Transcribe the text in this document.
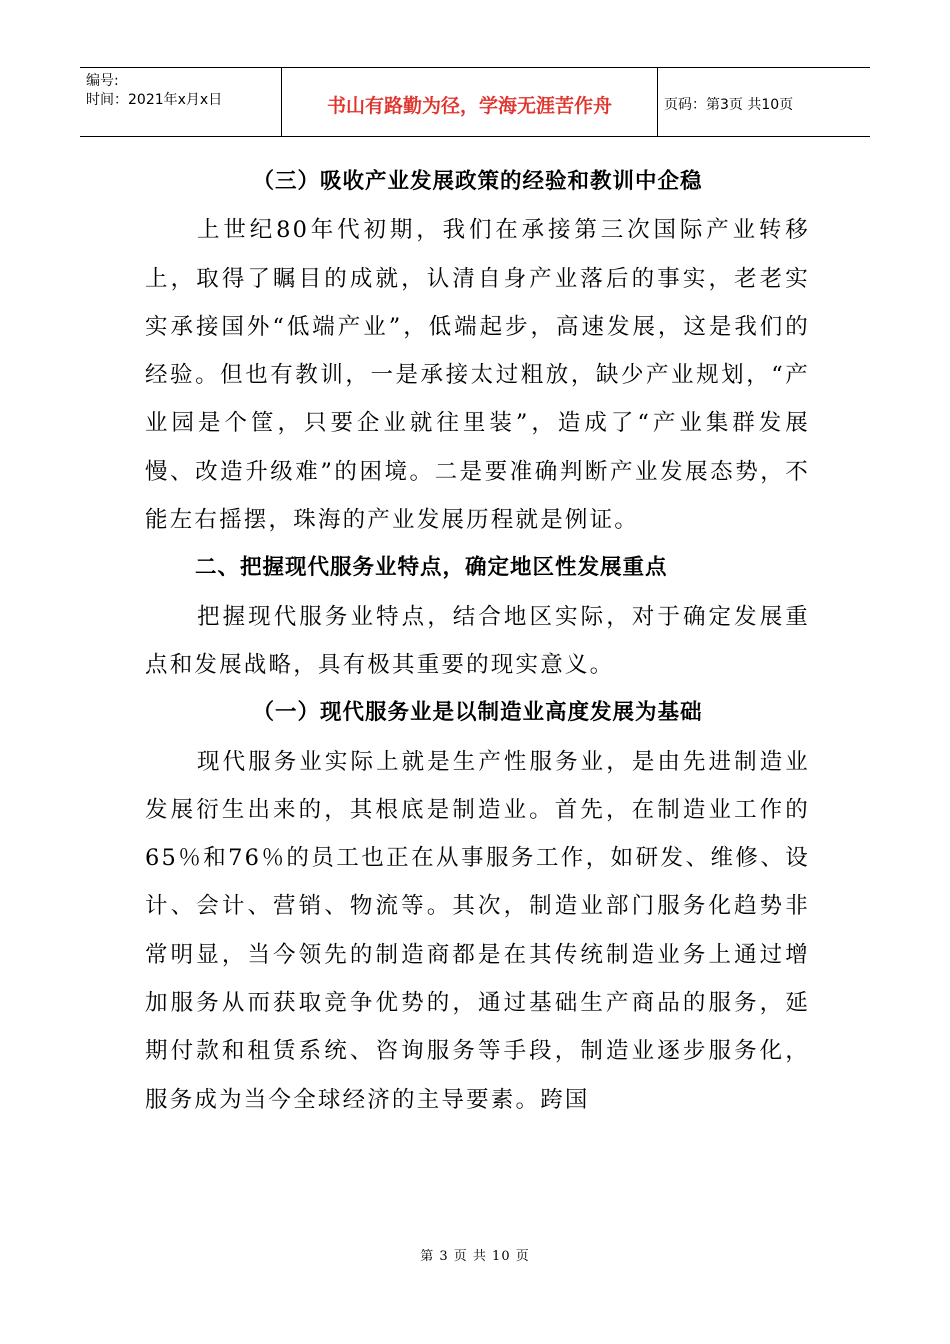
编号:
时间：2021年x月x日	书山有路勤为径，学海无涯苦作舟	页码：第3页 共10页

（三）吸收产业发展政策的经验和教训中企稳

上世纪80年代初期，我们在承接第三次国际产业转移上，取得了瞩目的成就，认清自身产业落后的事实，老老实实承接国外“低端产业”，低端起步，高速发展，这是我们的经验。但也有教训，一是承接太过粗放，缺少产业规划，“产业园是个筐，只要企业就往里装”，造成了“产业集群发展慢、改造升级难”的困境。二是要准确判断产业发展态势，不能左右摇摆，珠海的产业发展历程就是例证。

二、把握现代服务业特点，确定地区性发展重点

把握现代服务业特点，结合地区实际，对于确定发展重点和发展战略，具有极其重要的现实意义。

（一）现代服务业是以制造业高度发展为基础

现代服务业实际上就是生产性服务业，是由先进制造业发展衍生出来的，其根底是制造业。首先，在制造业工作的65％和76％的员工也正在从事服务工作，如研发、维修、设计、会计、营销、物流等。其次，制造业部门服务化趋势非常明显，当今领先的制造商都是在其传统制造业务上通过增加服务从而获取竞争优势的，通过基础生产商品的服务，延期付款和租赁系统、咨询服务等手段，制造业逐步服务化，服务成为当今全球经济的主导要素。跨国

第 3 页 共 10 页
